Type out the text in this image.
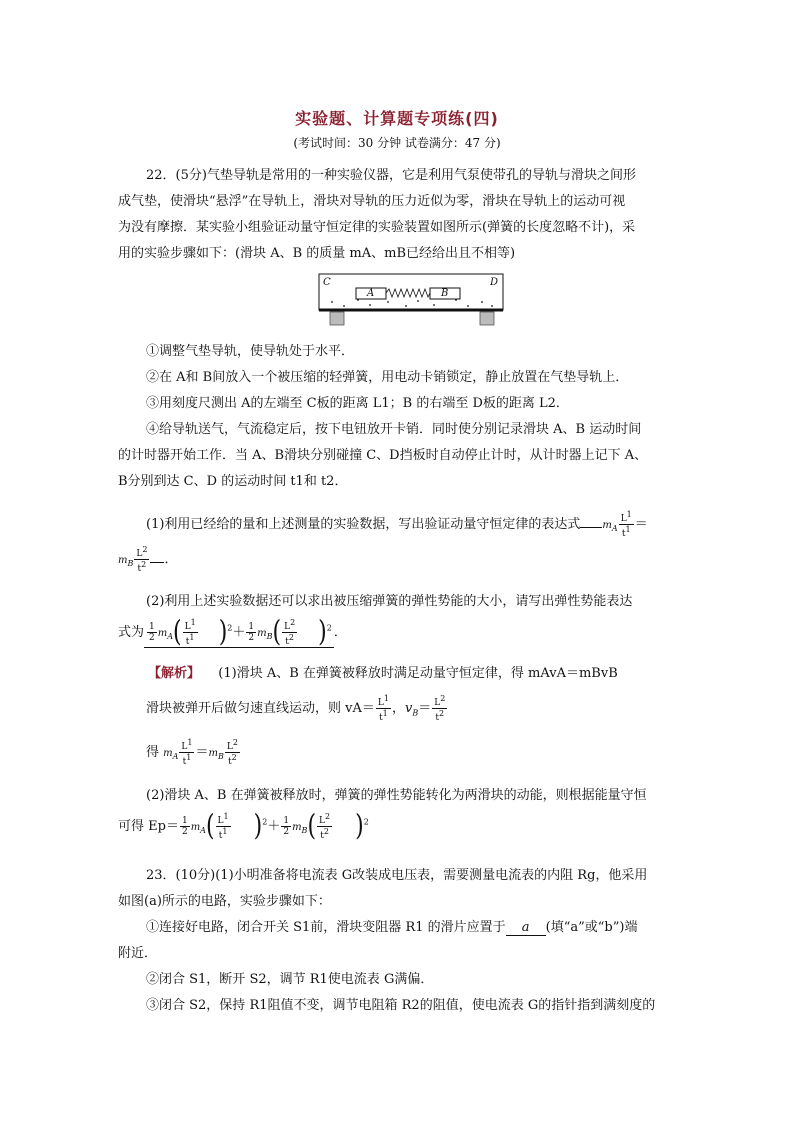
实验题、计算题专项练(四)
(考试时间：30 分钟 试卷满分：47 分)
22．(5分)气垫导轨是常用的一种实验仪器，它是利用气泵使带孔的导轨与滑块之间形
成气垫，使滑块“悬浮”在导轨上，滑块对导轨的压力近似为零，滑块在导轨上的运动可视
为没有摩擦．某实验小组验证动量守恒定律的实验装置如图所示(弹簧的长度忽略不计)，采
用的实验步骤如下：(滑块 A、B 的质量 mA、mB已经给出且不相等)
C	D
A	B
①调整气垫导轨，使导轨处于水平．
②在 A和 B间放入一个被压缩的轻弹簧，用电动卡销锁定，静止放置在气垫导轨上．
③用刻度尺测出 A的左端至 C板的距离 L1；B 的右端至 D板的距离 L2．
④给导轨送气，气流稳定后，按下电钮放开卡销．同时使分别记录滑块 A、B 运动时间
的计时器开始工作．当 A、B滑块分别碰撞 C、D挡板时自动停止计时，从计时器上记下 A、
B分别到达 C、D 的运动时间 t1和 t2．
(1)利用已经给的量和上述测量的实验数据，写出验证动量守恒定律的表达式 $m_A \frac{L^1}{t^1}$ ＝
$m_B \frac{L^2}{t^2}$ ．
(2)利用上述实验数据还可以求出被压缩弹簧的弹性势能的大小，请写出弹性势能表达
式为 $\frac{1}{2} m_A( \frac{L^1}{t^1} )^2+ \frac{1}{2} m_B( \frac{L^2}{t^2} )^2$ ．
【解析】 (1)滑块 A、B 在弹簧被释放时满足动量守恒定律，得 mAvA＝mBvB
滑块被弹开后做匀速直线运动，则 $vA= \frac{L^1}{t^1}$ ，$v_B= \frac{L^2}{t^2}$
得 $m_A \frac{L^1}{t^1} =m_B \frac{L^2}{t^2}$
(2)滑块 A、B 在弹簧被释放时，弹簧的弹性势能转化为两滑块的动能，则根据能量守恒
可得 $Ep= \frac{1}{2} m_A( \frac{L^1}{t^1} )^2+ \frac{1}{2} m_B( \frac{L^2}{t^2} )^2$
23．(10分)(1)小明准备将电流表 G改装成电压表，需要测量电流表的内阻 Rg，他采用
如图(a)所示的电路，实验步骤如下：
①连接好电路，闭合开关 S1前，滑块变阻器 R1 的滑片应置于 a (填“a”或“b”)端
附近．
②闭合 S1，断开 S2，调节 R1使电流表 G满偏．
③闭合 S2，保持 R1阻值不变，调节电阻箱 R2的阻值，使电流表 G的指针指到满刻度的
